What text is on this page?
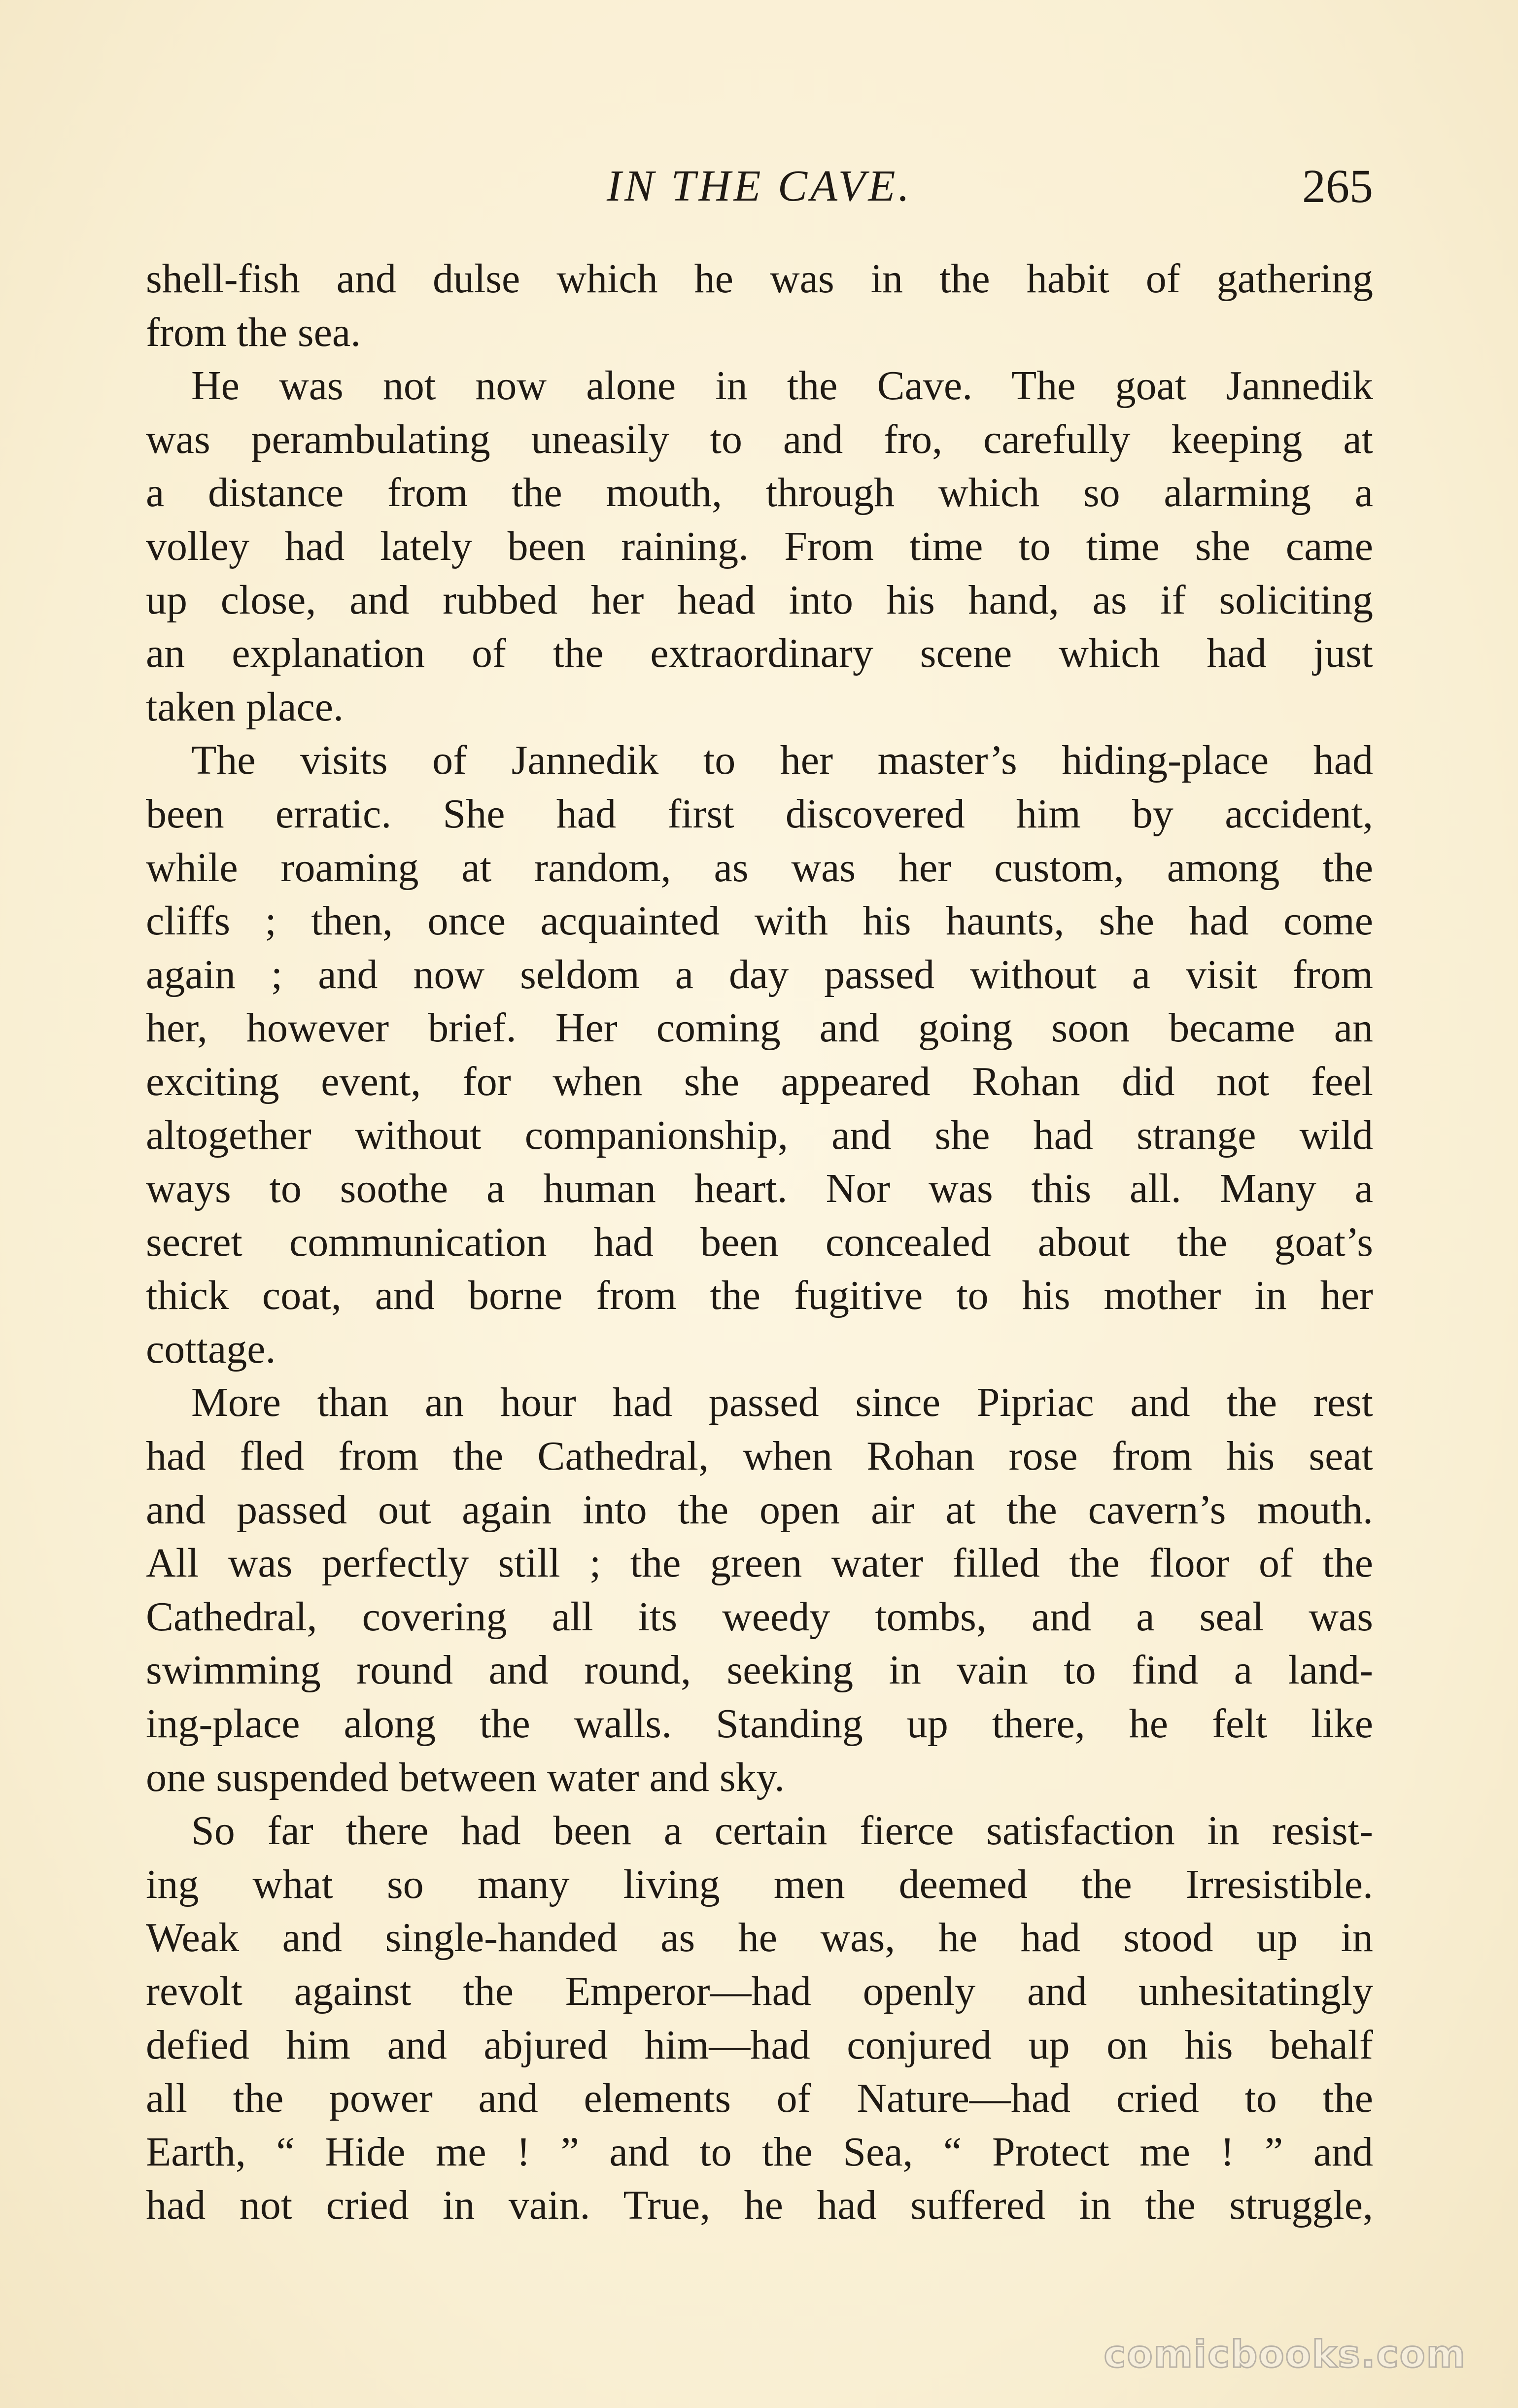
IN THE CAVE.	265
shell-fish and dulse which he was in the habit of gathering
from the sea.
He was not now alone in the Cave. The goat Jannedik
was perambulating uneasily to and fro, carefully keeping at
a distance from the mouth, through which so alarming a
volley had lately been raining. From time to time she came
up close, and rubbed her head into his hand, as if soliciting
an explanation of the extraordinary scene which had just
taken place.
The visits of Jannedik to her master’s hiding-place had
been erratic. She had first discovered him by accident,
while roaming at random, as was her custom, among the
cliffs ; then, once acquainted with his haunts, she had come
again ; and now seldom a day passed without a visit from
her, however brief. Her coming and going soon became an
exciting event, for when she appeared Rohan did not feel
altogether without companionship, and she had strange wild
ways to soothe a human heart. Nor was this all. Many a
secret communication had been concealed about the goat’s
thick coat, and borne from the fugitive to his mother in her
cottage.
More than an hour had passed since Pipriac and the rest
had fled from the Cathedral, when Rohan rose from his seat
and passed out again into the open air at the cavern’s mouth.
All was perfectly still ; the green water filled the floor of the
Cathedral, covering all its weedy tombs, and a seal was
swimming round and round, seeking in vain to find a land-
ing-place along the walls. Standing up there, he felt like
one suspended between water and sky.
So far there had been a certain fierce satisfaction in resist-
ing what so many living men deemed the Irresistible.
Weak and single-handed as he was, he had stood up in
revolt against the Emperor—had openly and unhesitatingly
defied him and abjured him—had conjured up on his behalf
all the power and elements of Nature—had cried to the
Earth, “ Hide me ! ” and to the Sea, “ Protect me ! ” and
had not cried in vain. True, he had suffered in the struggle,
comicbooks.com
